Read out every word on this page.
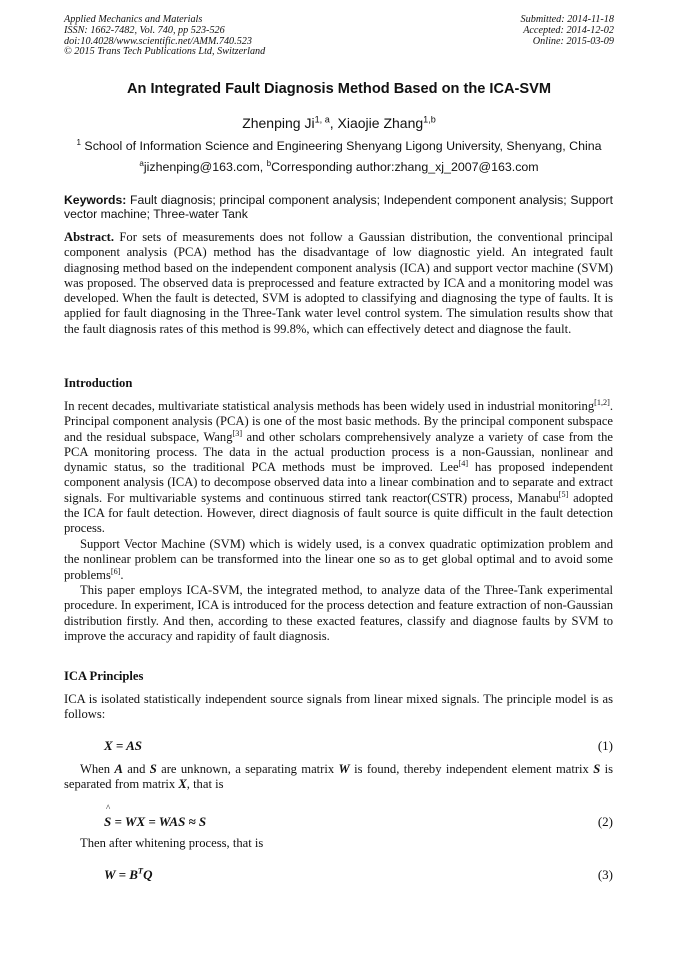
Applied Mechanics and Materials
ISSN: 1662-7482, Vol. 740, pp 523-526
doi:10.4028/www.scientific.net/AMM.740.523
© 2015 Trans Tech Publications Ltd, Switzerland
Submitted: 2014-11-18
Accepted: 2014-12-02
Online: 2015-03-09
An Integrated Fault Diagnosis Method Based on the ICA-SVM
Zhenping Ji$^{1, a}$, Xiaojie Zhang$^{1,b}$
$^1$ School of Information Science and Engineering Shenyang Ligong University, Shenyang, China
$^a$jizhenping@163.com, $^b$Corresponding author:zhang_xj_2007@163.com
Keywords: Fault diagnosis; principal component analysis; Independent component analysis; Support vector machine; Three-water Tank
Abstract. For sets of measurements does not follow a Gaussian distribution, the conventional principal component analysis (PCA) method has the disadvantage of low diagnostic yield. An integrated fault diagnosing method based on the independent component analysis (ICA) and support vector machine (SVM) was proposed. The observed data is preprocessed and feature extracted by ICA and a monitoring model was developed. When the fault is detected, SVM is adopted to classifying and diagnosing the type of faults. It is applied for fault diagnosing in the Three-Tank water level control system. The simulation results show that the fault diagnosis rates of this method is 99.8%, which can effectively detect and diagnose the fault.
Introduction
In recent decades, multivariate statistical analysis methods has been widely used in industrial monitoring[1,2]. Principal component analysis (PCA) is one of the most basic methods. By the principal component subspace and the residual subspace, Wang[3] and other scholars comprehensively analyze a variety of case from the PCA monitoring process. The data in the actual production process is a non-Gaussian, nonlinear and dynamic status, so the traditional PCA methods must be improved. Lee[4] has proposed independent component analysis (ICA) to decompose observed data into a linear combination and to separate and extract signals. For multivariable systems and continuous stirred tank reactor(CSTR) process, Manabu[5] adopted the ICA for fault detection. However, direct diagnosis of fault source is quite difficult in the fault detection process.
Support Vector Machine (SVM) which is widely used, is a convex quadratic optimization problem and the nonlinear problem can be transformed into the linear one so as to get global optimal and to avoid some problems[6].
This paper employs ICA-SVM, the integrated method, to analyze data of the Three-Tank experimental procedure. In experiment, ICA is introduced for the process detection and feature extraction of non-Gaussian distribution firstly. And then, according to these exacted features, classify and diagnose faults by SVM to improve the accuracy and rapidity of fault diagnosis.
ICA Principles
ICA is isolated statistically independent source signals from linear mixed signals. The principle model is as follows:
X = AS	(1)
When A and S are unknown, a separating matrix W is found, thereby independent element matrix S is separated from matrix X, that is
^
S = WX = WAS ≈ S	(2)
Then after whitening process, that is
$W = B^TQ$	(3)
